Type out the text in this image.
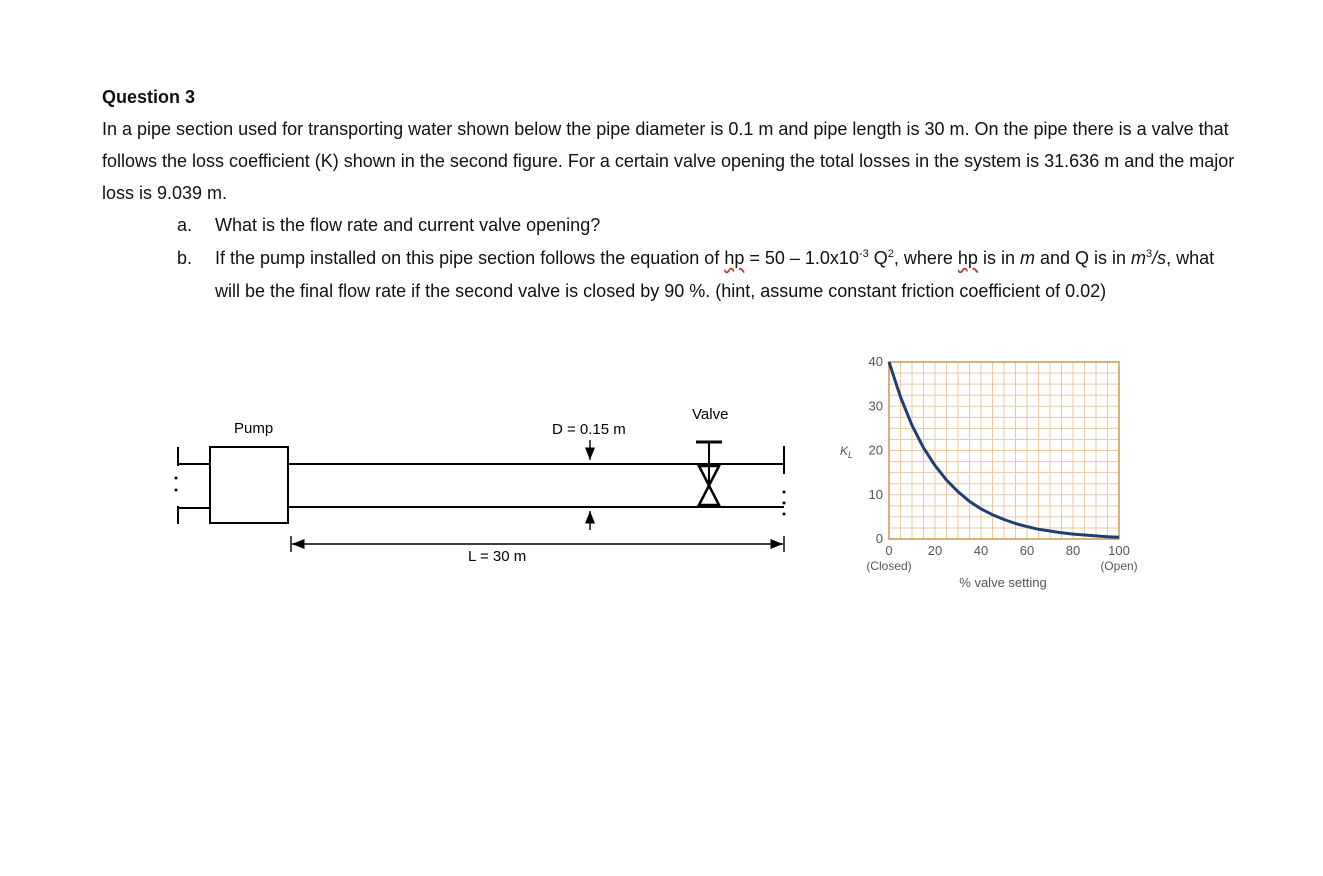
Question 3
In a pipe section used for transporting water shown below the pipe diameter is 0.1 m and pipe length is 30 m. On the pipe there is a valve that follows the loss coefficient (K) shown in the second figure. For a certain valve opening the total losses in the system is 31.636 m and the major loss is 9.039 m.
a. What is the flow rate and current valve opening?
b. If the pump installed on this pipe section follows the equation of hp = $50 - 1.0x10^{-3}$ $Q^2$, where hp is in m and Q is in $m^3/s$, what will be the final flow rate if the second valve is closed by 90 %. (hint, assume constant friction coefficient of 0.02)
Pump	D = 0.15 m
Valve
L = 30 m
0
10
20
30
40
0	20 40 60 80 100
$K_L$
(Closed)	(Open)
% valve setting
